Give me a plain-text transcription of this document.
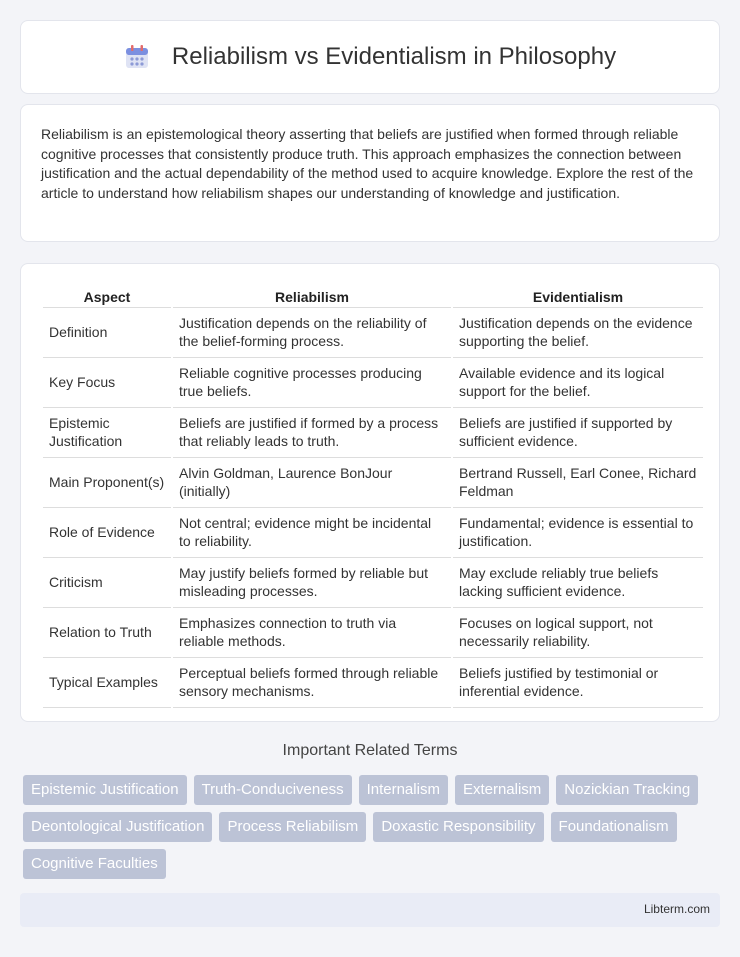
Reliabilism vs Evidentialism in Philosophy

Reliabilism is an epistemological theory asserting that beliefs are justified when formed through reliable cognitive processes that consistently produce truth. This approach emphasizes the connection between justification and the actual dependability of the method used to acquire knowledge. Explore the rest of the article to understand how reliabilism shapes our understanding of knowledge and justification.

Aspect	Reliabilism	Evidentialism
Definition	Justification depends on the reliability of the belief-forming process.	Justification depends on the evidence supporting the belief.
Key Focus	Reliable cognitive processes producing true beliefs.	Available evidence and its logical support for the belief.
Epistemic Justification	Beliefs are justified if formed by a process that reliably leads to truth.	Beliefs are justified if supported by sufficient evidence.
Main Proponent(s)	Alvin Goldman, Laurence BonJour (initially)	Bertrand Russell, Earl Conee, Richard Feldman
Role of Evidence	Not central; evidence might be incidental to reliability.	Fundamental; evidence is essential to justification.
Criticism	May justify beliefs formed by reliable but misleading processes.	May exclude reliably true beliefs lacking sufficient evidence.
Relation to Truth	Emphasizes connection to truth via reliable methods.	Focuses on logical support, not necessarily reliability.
Typical Examples	Perceptual beliefs formed through reliable sensory mechanisms.	Beliefs justified by testimonial or inferential evidence.
Important Related Terms
Epistemic Justification	Truth-Conduciveness	Internalism	Externalism	Nozickian Tracking
Deontological Justification	Process Reliabilism	Doxastic Responsibility	Foundationalism
Cognitive Faculties
Libterm.com
